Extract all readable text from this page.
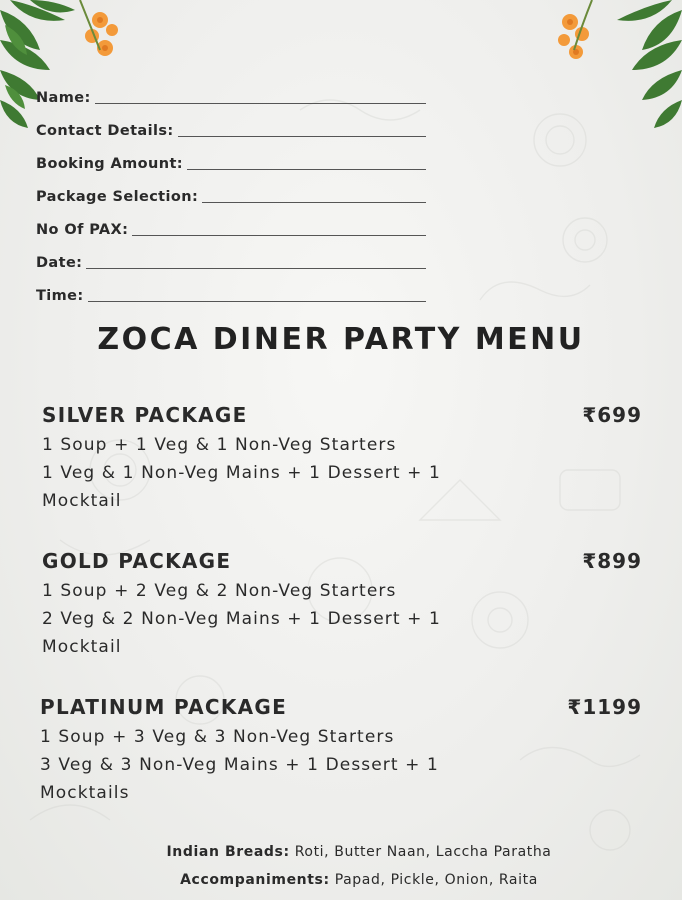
Name:
Contact Details:
Booking Amount:
Package Selection:
No Of PAX:
Date:
Time:
ZOCA DINER PARTY MENU
SILVER PACKAGE	₹699
1 Soup + 1 Veg & 1 Non-Veg Starters
1 Veg & 1 Non-Veg Mains + 1 Dessert + 1
Mocktail
GOLD PACKAGE	₹899
1 Soup + 2 Veg & 2 Non-Veg Starters
2 Veg & 2 Non-Veg Mains + 1 Dessert + 1
Mocktail
PLATINUM PACKAGE	₹1199
1 Soup + 3 Veg & 3 Non-Veg Starters
3 Veg & 3 Non-Veg Mains + 1 Dessert + 1
Mocktails
Indian Breads: Roti, Butter Naan, Laccha Paratha
Accompaniments: Papad, Pickle, Onion, Raita
